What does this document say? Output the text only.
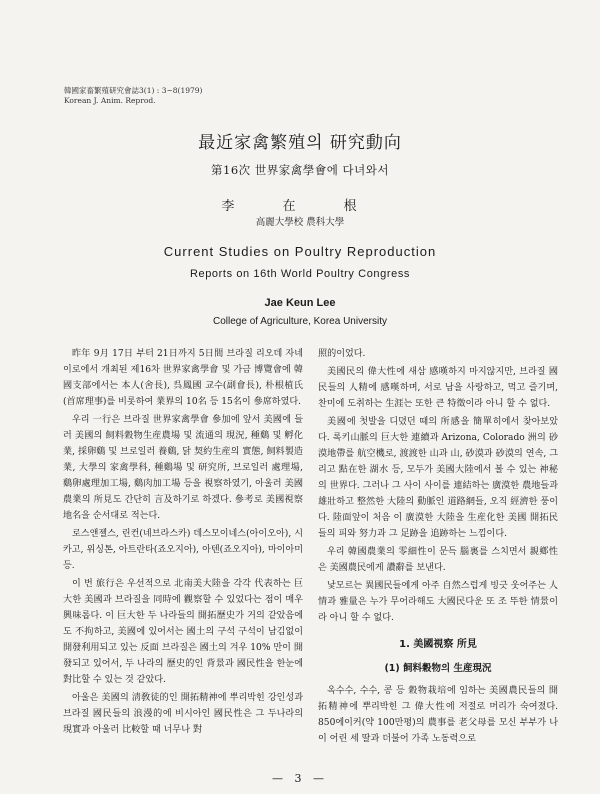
韓國家畜繁殖研究會誌3(1) : 3~8(1979)
Korean J. Anim. Reprod.
最近家禽繁殖의 研究動向
第16次 世界家禽學會에 다녀와서
李 在 根
高麗大學校 農科大學
Current Studies on Poultry Reproduction
Reports on 16th World Poultry Congress
Jae Keun Lee
College of Agriculture, Korea University

昨年 9月 17日 부터 21日까지 5日間 브라질 리오데 자네이로에서 개최된 제16차 世界家禽學會 및 가금 博覽會에 韓國支部에서는 本人(舍長), 呉鳳國 교수(副會長), 朴根植氏(首席理事)를 비롯하여 業界의 10名 등 15名이 參席하였다.

우리 一行은 브라질 世界家禽學會 參加에 앞서 美國에 들러 美國의 飼料穀物生産農場 및 流通의 現況, 種鷄 및 孵化業, 採卵鷄 및 브로일러 養鷄, 닭 契約生産의 實態, 飼料製造業, 大學의 家禽學科, 種鷄場 및 研究所, 브로일러 處理場, 鷄卵處理加工場, 鷄肉加工場 등을 視察하였기, 아울러 美國農業의 所見도 간단히 言及하기로 하겠다. 參考로 美國視察地名을 순서대로 적는다.

로스앤젤스, 린컨(네브라스카) 데스모이네스(아이오아), 시카고, 위싱톤, 아트란타(죠오지아), 아텐(죠오지아), 마이아미 등.

이 번 旅行은 우선적으로 北南美大陸을 각각 代表하는 巨大한 美國과 브라질을 同時에 觀察할 수 있었다는 점이 매우 興味롭다. 이 巨大한 두 나라들의 開拓歷史가 거의 같았음에도 不拘하고, 美國에 있어서는 國土의 구석 구석이 남김없이 開發利用되고 있는 反面 브라질은 國土의 겨우 10% 만이 開發되고 있어서, 두 나라의 歷史的인 背景과 國民性을 한눈에 對比할 수 있는 것 같았다.

아울은 美國의 淸敎徒的인 開拓精神에 뿌리박힌 강인성과 브라질 國民들의 浪漫的에 비시아인 國民性은 그 두나라의 現實과 아울러 比較할 때 너무나 對

照的이었다.

美國民의 偉大性에 새삼 感嘆하지 마지않지만, 브라질 國民들의 人精에 感嘆하며, 서로 남을 사랑하고, 먹고 즐기며, 찬미에 도취하는 生涯는 또한 큰 特徵이라 아니 할 수 없다.

美國에 첫발을 디뎠던 때의 所感을 簡單히에서 찾아보았다. 록키山脈의 巨大한 連續과 Arizona, Colorado 洲의 砂漠地帶를 航空機로, 渡渡한 山과 山, 砂漠과 砂漠의 연속, 그리고 點在한 湖水 등, 모두가 美國大陸에서 볼 수 있는 神秘의 世界다. 그러나 그 사이 사이를 連結하는 廣漠한 農地들과 雄壯하고 整然한 大陸의 動脈인 道路網들, 오직 經濟한 풍이다. 陸面앞이 처음 이 廣漠한 大陸을 生産化한 美國 開拓民들의 피와 努力과 그 足跡을 追跡하는 느낌이다.

우리 韓國農業의 零細性이 문득 腦裏를 스치면서 親鄕性은 美國農民에게 讚辭를 보낸다.

낯모르는 異國民들에게 아주 自然스럽게 빙긋 웃어주는 人情과 雅量은 누가 무어라해도 大國民다운 또 조 뚜한 情景이라 아니 할 수 없다.

1. 美國視察 所見
(1) 飼料穀物의 生産現況

옥수수, 수수, 콩 등 穀物栽培에 임하는 美國農民들의 開拓精神에 뿌리박힌 그 偉大性에 저절로 머리가 숙여졌다. 850에이커(약 100만평)의 農事를 老父母를 모신 부부가 나이 어린 세 딸과 더불어 가족 노동력으로

— 3 —
